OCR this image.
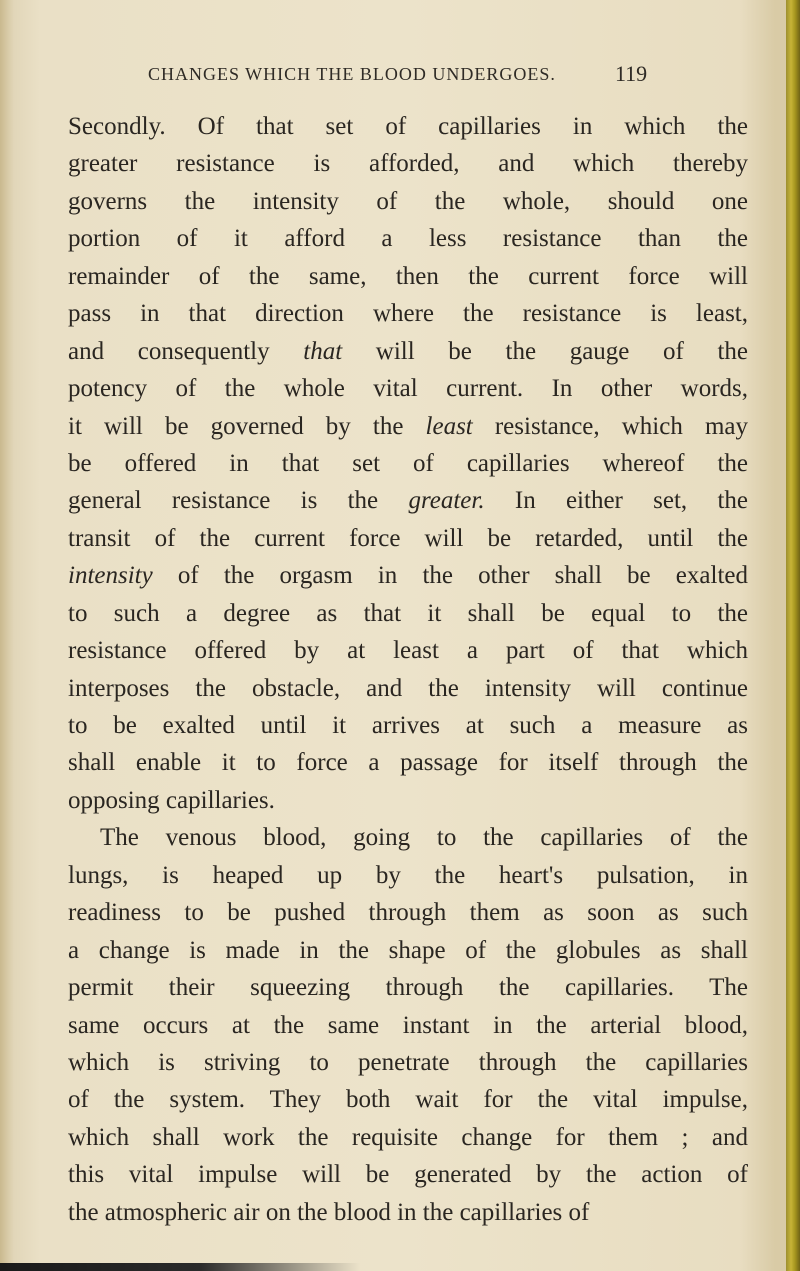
CHANGES WHICH THE BLOOD UNDERGOES.	119
Secondly. Of that set of capillaries in which the
greater resistance is afforded, and which thereby
governs the intensity of the whole, should one
portion of it afford a less resistance than the
remainder of the same, then the current force will
pass in that direction where the resistance is least,
and consequently that will be the gauge of the
potency of the whole vital current. In other words,
it will be governed by the least resistance, which may
be offered in that set of capillaries whereof the
general resistance is the greater. In either set, the
transit of the current force will be retarded, until the
intensity of the orgasm in the other shall be exalted
to such a degree as that it shall be equal to the
resistance offered by at least a part of that which
interposes the obstacle, and the intensity will continue
to be exalted until it arrives at such a measure as
shall enable it to force a passage for itself through the
opposing capillaries.
The venous blood, going to the capillaries of the
lungs, is heaped up by the heart's pulsation, in
readiness to be pushed through them as soon as such
a change is made in the shape of the globules as shall
permit their squeezing through the capillaries. The
same occurs at the same instant in the arterial blood,
which is striving to penetrate through the capillaries
of the system. They both wait for the vital impulse,
which shall work the requisite change for them ; and
this vital impulse will be generated by the action of
the atmospheric air on the blood in the capillaries of
